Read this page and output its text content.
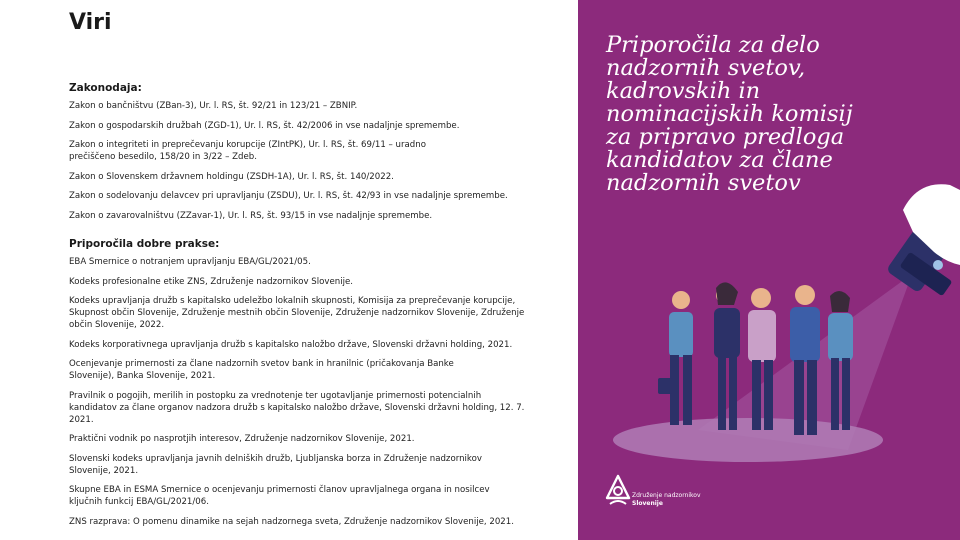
Viri
Zakonodaja:
Zakon o bančništvu (ZBan-3), Ur. l. RS, št. 92/21 in 123/21 – ZBNIP.
Zakon o gospodarskih družbah (ZGD-1), Ur. l. RS, št. 42/2006 in vse nadaljnje spremembe.
Zakon o integriteti in preprečevanju korupcije (ZIntPK), Ur. l. RS, št. 69/11 – uradno prečiščeno besedilo, 158/20 in 3/22 – Zdeb.
Zakon o Slovenskem državnem holdingu (ZSDH-1A), Ur. l. RS, št. 140/2022.
Zakon o sodelovanju delavcev pri upravljanju (ZSDU), Ur. l. RS, št. 42/93 in vse nadaljnje spremembe.
Zakon o zavarovalništvu (ZZavar-1), Ur. l. RS, št. 93/15 in vse nadaljnje spremembe.
Priporočila dobre prakse:
EBA Smernice o notranjem upravljanju EBA/GL/2021/05.
Kodeks profesionalne etike ZNS, Združenje nadzornikov Slovenije.
Kodeks upravljanja družb s kapitalsko udeležbo lokalnih skupnosti, Komisija za preprečevanje korupcije, Skupnost občin Slovenije, Združenje mestnih občin Slovenije, Združenje nadzornikov Slovenije, Združenje občin Slovenije, 2022.
Kodeks korporativnega upravljanja družb s kapitalsko naložbo države, Slovenski državni holding, 2021.
Ocenjevanje primernosti za člane nadzornih svetov bank in hranilnic (pričakovanja Banke Slovenije), Banka Slovenije, 2021.
Pravilnik o pogojih, merilih in postopku za vrednotenje ter ugotavljanje primernosti potencialnih kandidatov za člane organov nadzora družb s kapitalsko naložbo države, Slovenski državni holding, 12. 7. 2021.
Praktični vodnik po nasprotjih interesov, Združenje nadzornikov Slovenije, 2021.
Slovenski kodeks upravljanja javnih delniških družb, Ljubljanska borza in Združenje nadzornikov Slovenije, 2021.
Skupne EBA in ESMA Smernice o ocenjevanju primernosti članov upravljalnega organa in nosilcev ključnih funkcij EBA/GL/2021/06.
ZNS razprava: O pomenu dinamike na sejah nadzornega sveta, Združenje nadzornikov Slovenije, 2021.
Priporočila za delo
nadzornih svetov,
kadrovskih in
nominacijskih komisij
za pripravo predloga
kandidatov za člane
nadzornih svetov
Združenje nadzornikov
Slovenije
